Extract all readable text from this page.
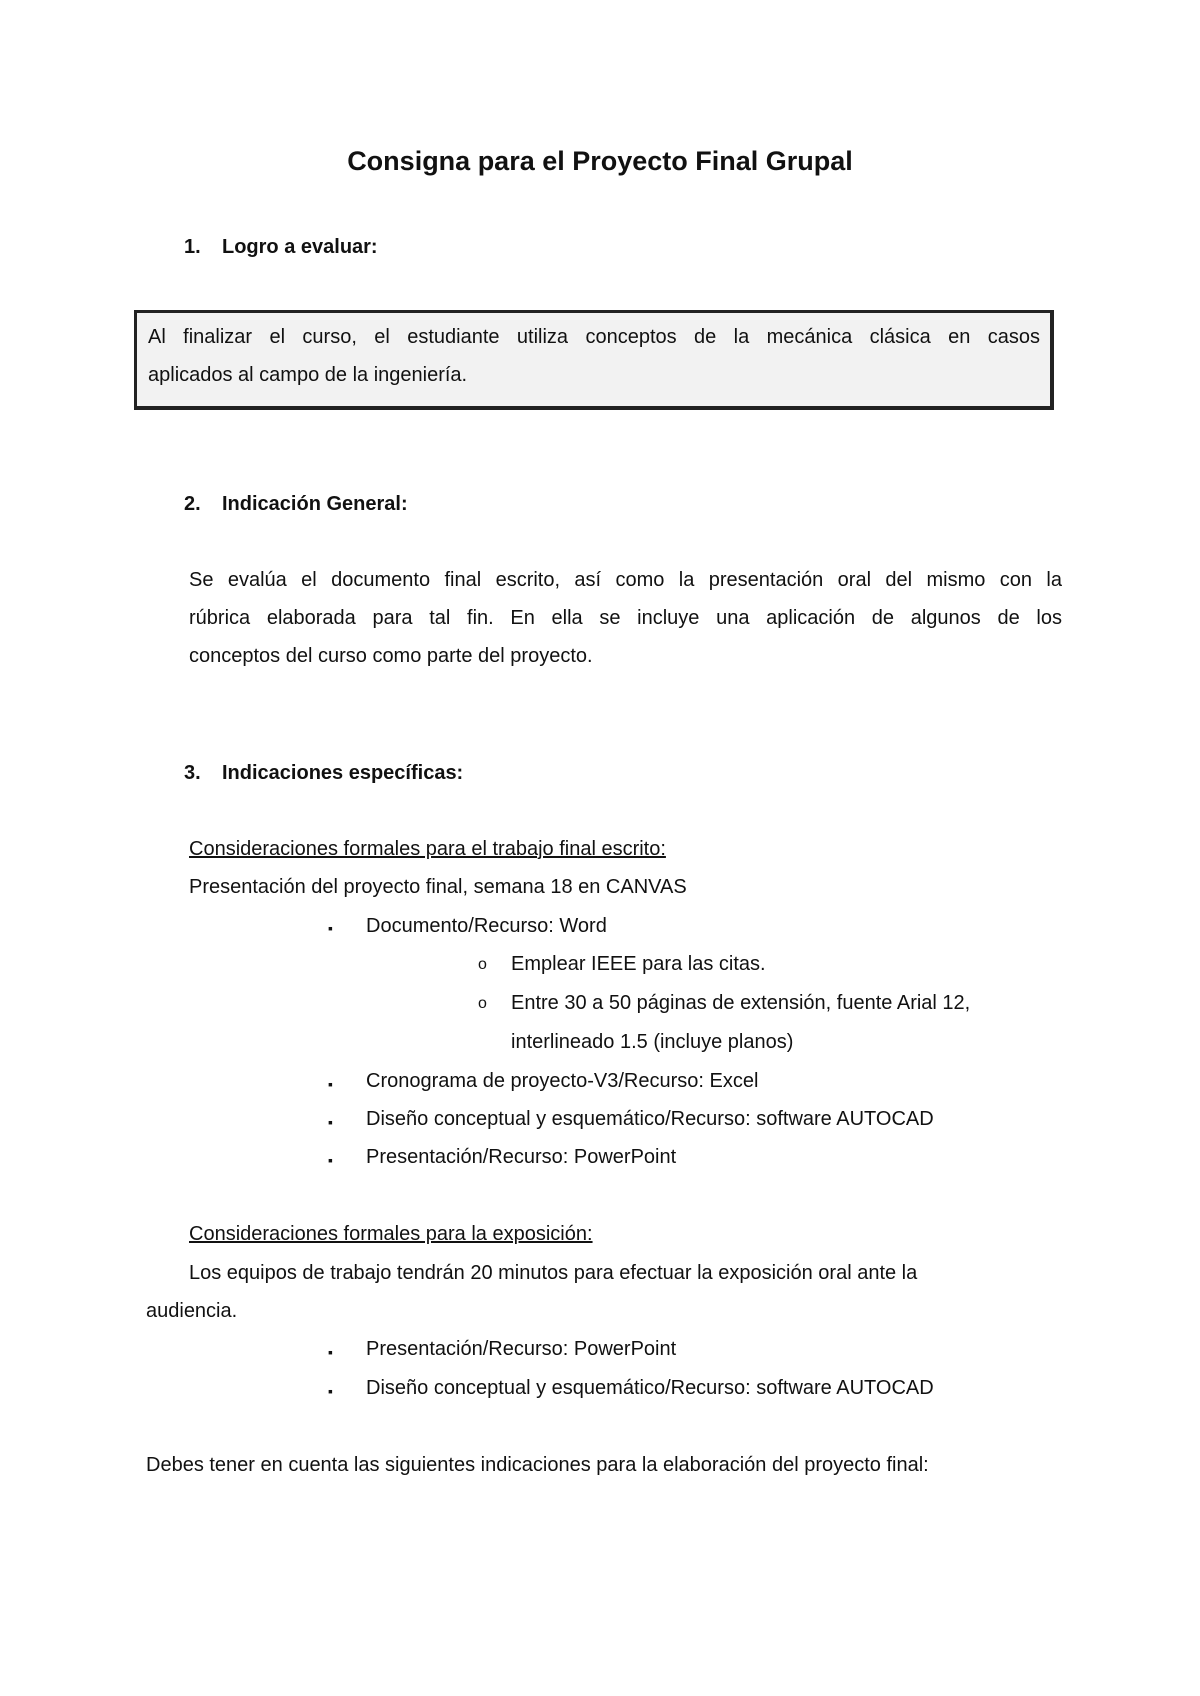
Consigna para el Proyecto Final Grupal
1. Logro a evaluar:
Al finalizar el curso, el estudiante utiliza conceptos de la mecánica clásica en casos
aplicados al campo de la ingeniería.
2. Indicación General:
Se evalúa el documento final escrito, así como la presentación oral del mismo con la
rúbrica elaborada para tal fin. En ella se incluye una aplicación de algunos de los
conceptos del curso como parte del proyecto.
3. Indicaciones específicas:
Consideraciones formales para el trabajo final escrito:
Presentación del proyecto final, semana 18 en CANVAS
▪ Documento/Recurso: Word
o Emplear IEEE para las citas.
o Entre 30 a 50 páginas de extensión, fuente Arial 12,
interlineado 1.5 (incluye planos)
▪ Cronograma de proyecto-V3/Recurso: Excel
▪ Diseño conceptual y esquemático/Recurso: software AUTOCAD
▪ Presentación/Recurso: PowerPoint
Consideraciones formales para la exposición:
Los equipos de trabajo tendrán 20 minutos para efectuar la exposición oral ante la
audiencia.
▪ Presentación/Recurso: PowerPoint
▪ Diseño conceptual y esquemático/Recurso: software AUTOCAD
Debes tener en cuenta las siguientes indicaciones para la elaboración del proyecto final:
